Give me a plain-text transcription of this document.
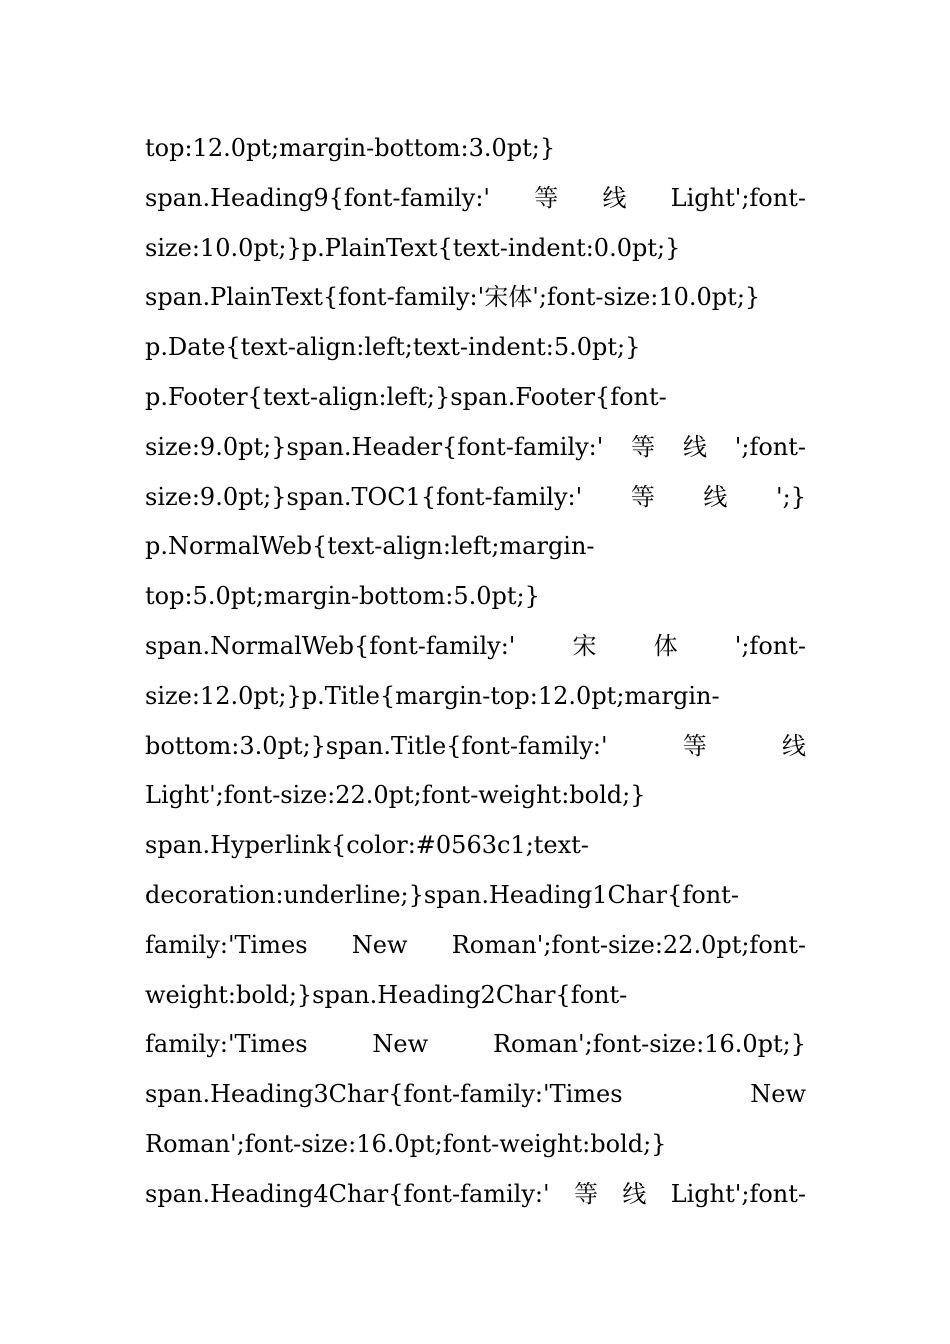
top:12.0pt;margin-bottom:3.0pt;}
span.Heading9{font-family:' 等 线 Light';font-
size:10.0pt;}p.PlainText{text-indent:0.0pt;}
span.PlainText{font-family:'宋体';font-size:10.0pt;}
p.Date{text-align:left;text-indent:5.0pt;}
p.Footer{text-align:left;}span.Footer{font-
size:9.0pt;}span.Header{font-family:' 等 线 ';font-
size:9.0pt;}span.TOC1{font-family:' 等 线 ';}
p.NormalWeb{text-align:left;margin-
top:5.0pt;margin-bottom:5.0pt;}
span.NormalWeb{font-family:' 宋 体 ';font-
size:12.0pt;}p.Title{margin-top:12.0pt;margin-
bottom:3.0pt;}span.Title{font-family:'	等	线
Light';font-size:22.0pt;font-weight:bold;}
span.Hyperlink{color:#0563c1;text-
decoration:underline;}span.Heading1Char{font-
family:'Times New Roman';font-size:22.0pt;font-
weight:bold;}span.Heading2Char{font-
family:'Times	New	Roman';font-size:16.0pt;}
span.Heading3Char{font-family:'Times	New
Roman';font-size:16.0pt;font-weight:bold;}
span.Heading4Char{font-family:' 等 线 Light';font-
